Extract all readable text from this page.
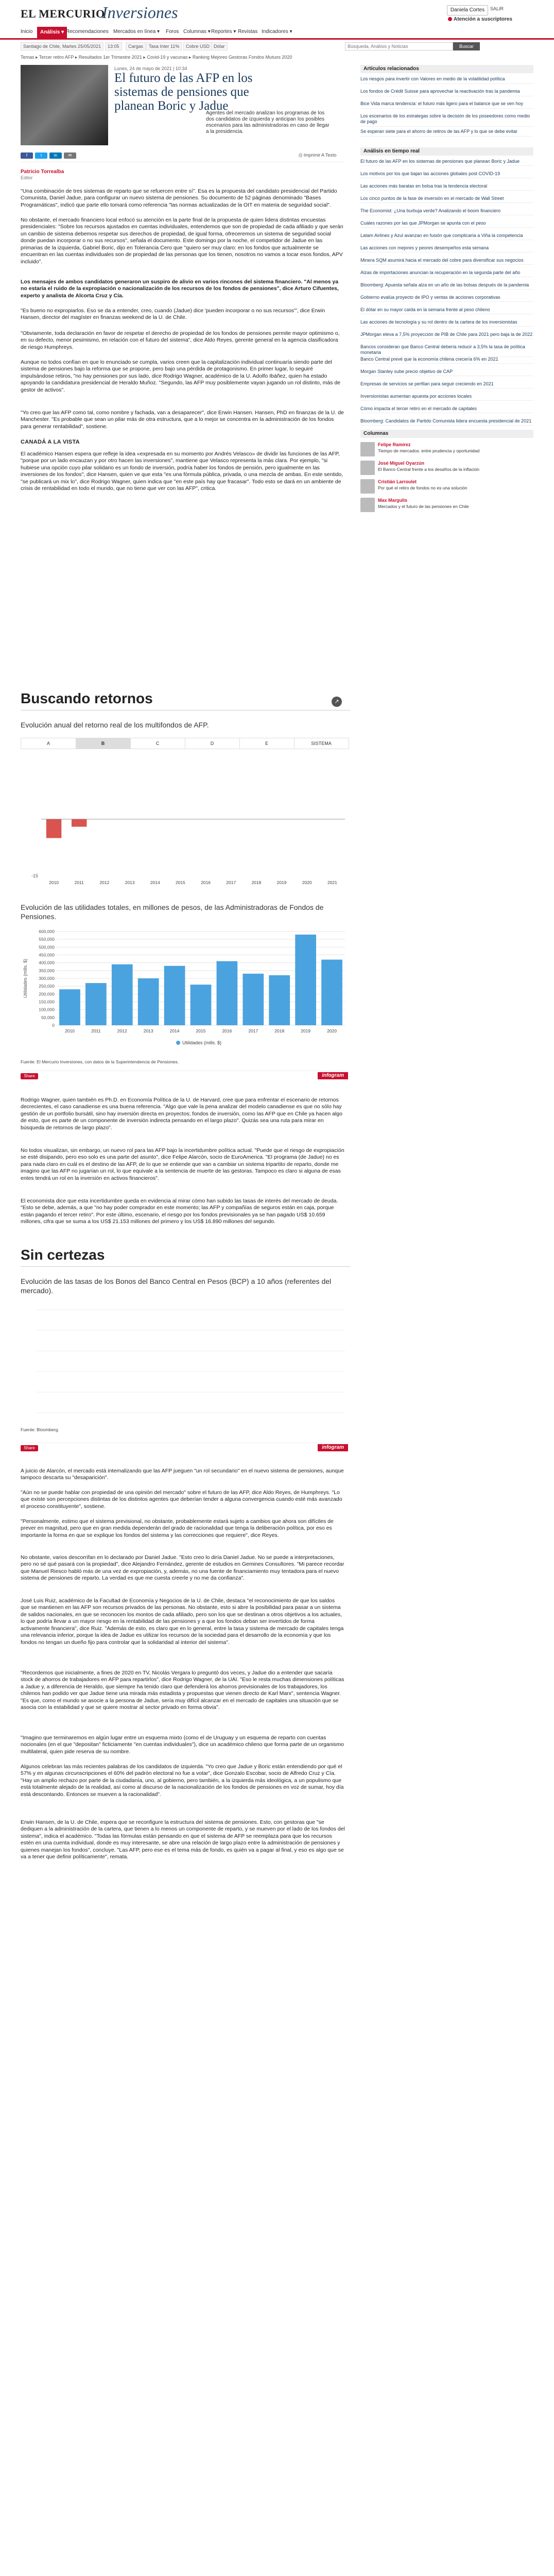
EL MERCURIO
Inversiones	Daniela Cortes	SALIR
Atención a suscriptores
Inicio	Análisis ▾ Recomendaciones Mercados en línea ▾ Foros Columnas ▾ Reportes ▾ Revistas Indicadores ▾
Santiago de Chile, Martes 25/05/2021	13:05	Cargas	Tasa Inter 11%	Cobre USD Dólar
Búsqueda, Análisis y Noticias	Buscar
Temas ▸ Tercer retiro AFP ▸ Resultados 1er Trimestre 2021 ▸ Covid-19 y vacunas ▸ Ranking Mejores Gestoras Fondos Mutuos 2020
Lunes, 24 de mayo de 2021 | 10:34
El futuro de las AFP en los sistemas de pensiones que planean Boric y Jadue
Agentes del mercado analizan los programas de los dos candidatos de izquierda y anticipan los posibles escenarios para las administradoras en caso de llegar a la presidencia.
f	t	in	✉	⎙ Imprimir A Texto
Patricio Torrealba
Editor

"Una combinación de tres sistemas de reparto que se refuercen entre sí". Esa es la propuesta del candidato presidencial del Partido Comunista, Daniel Jadue, para configurar un nuevo sistema de pensiones. Su documento de 52 páginas denominado "Bases Programáticas", indicó que parte ello tomará como referencia "las normas actualizadas de la OIT en materia de seguridad social".

No obstante, el mercado financiero local enfocó su atención en la parte final de la propuesta de quien lidera distintas encuestas presidenciales: "Sobre los recursos ajustados en cuentas individuales, entendemos que son de propiedad de cada afiliado y que serán un cambio de sistema debemos respetar sus derechos de propiedad, de igual forma, ofreceremos un sistema de seguridad social donde puedan incorporar o no sus recursos", señala el documento. Este domingo por la noche, el competidor de Jadue en las primarias de la izquierda, Gabriel Boric, dijo en Tolerancia Cero que "quiero ser muy claro: en los fondos que actualmente se encuentran en las cuentas individuales son de propiedad de las personas que los tienen, nosotros no vamos a tocar esos fondos, APV incluido".

Los mensajes de ambos candidatos generaron un suspiro de alivio en varios rincones del sistema financiero. "Al menos ya no estaría el ruido de la expropiación o nacionalización de los recursos de los fondos de pensiones", dice Arturo Cifuentes, experto y analista de Alcorta Cruz y Cía.

"Es bueno no expropiarlos. Eso se da a entender, creo, cuando (Jadue) dice 'pueden incorporar o no sus recursos'", dice Erwin Hansen, director del magíster en finanzas weekend de la U. de Chile.

"Obviamente, toda declaración en favor de respetar el derecho de propiedad de los fondos de pensiones permite mayor optimismo o, en su defecto, menor pesimismo, en relación con el futuro del sistema", dice Aldo Reyes, gerente general en la agencia clasificadora de riesgo Humphreys.

Aunque no todos confían en que lo enunciado se cumpla, varios creen que la capitalización individual continuaría siendo parte del sistema de pensiones bajo la reforma que se propone, pero bajo una pérdida de protagonismo. En primer lugar, lo seguiré impulsándose retiros, "no hay pensiones por sus lado, dice Rodrigo Wagner, académico de la U. Adolfo Ibáñez, quien ha estado apoyando la candidatura presidencial de Heraldo Muñoz. "Segundo, las AFP muy posiblemente vayan jugando un rol distinto, más de gestor de activos".

"Yo creo que las AFP como tal, como nombre y fachada, van a desaparecer", dice Erwin Hansen. Hansen, PhD en finanzas de la U. de Manchester. "Es probable que sean un pilar más de otra estructura, que a lo mejor se concentra en la administración de los fondos para generar rentabilidad", sostiene.

CANADÁ A LA VISTA

El académico Hansen espera que refleje la idea «expresada en su momento por Andrés Velasco» de dividir las funciones de las AFP, "porque por un lado encauzan y por otro hacen las inversiones", mantiene que Velasco representa la más clara. Por ejemplo, "si hubiese una opción cuyo pilar solidario es un fondo de inversión, podría haber los fondos de pensión, pero igualmente en las inversiones de los fondos", dice Hansen, quien ve que esta "es una fórmula pública, privada, o una mezcla de ambas. En este sentido, "se publicará un mix lo", dice Rodrigo Wagner, quien indica que "en este país hay que fracasar". Todo esto se dará en un ambiente de crisis de rentabilidad en todo el mundo, que no tiene que ver con las AFP", critica.

Buscando retornos	↗
Evolución anual del retorno real de los multifondos de AFP.
A	B	C	D	E	SISTEMA
-15
2010	2011	2012	2013	2014	2015	2016	2017	2018	2019	2020	2021
Evolución de las utilidades totales, en millones de pesos, de las Administradoras de Fondos de Pensiones.
0
50,000
100,000
150,000
200,000
250,000
300,000
350,000
400,000
450,000
500,000
550,000
600,000
Utilidades (mills. $)
2010	2011	2012	2013	2014	2015	2016	2017	2018	2019	2020
Utilidades (mills. $)
Fuente: El Mercurio Inversiones, con datos de la Superintendencia de Pensiones.
Share	infogram

Rodrigo Wagner, quien también es Ph.D. en Economía Política de la U. de Harvard, cree que para enfrentar el escenario de retornos decrecientes, el caso canadiense es una buena referencia. "Algo que vale la pena analizar del modelo canadiense es que no sólo hay gestión de un portfolio bursátil, sino hay inversión directa en proyectos; fondos de inversión, como las AFP que en Chile ya hacen algo de esto, que es parte de un componente de inversión indirecta pensando en el largo plazo". Quizás sea una ruta para mirar en búsqueda de retornos de largo plazo".

No todos visualizan, sin embargo, un nuevo rol para las AFP bajo la incertidumbre política actual. "Puede que el riesgo de expropiación se esté disipando, pero eso solo es una parte del asunto", dice Felipe Alarcón, socio de EuroAmerica. "El programa (de Jadue) no es para nada claro en cuál es el destino de las AFP, de lo que se entiende que van a cambiar un sistema tripartito de reparto, donde me imagino que las AFP no jugarían un rol, lo que equivale a la sentencia de muerte de las gestoras. Tampoco es claro si alguna de esas entes tendrá un rol en la inversión en activos financieros".

El economista dice que esta incertidumbre queda en evidencia al mirar cómo han subido las tasas de interés del mercado de deuda. "Esto se debe, además, a que "no hay poder comprador en este momento; las AFP y compañías de seguros están en caja, porque están pagando el tercer retiro". Por este último, escenario, el riesgo por los fondos previsionales ya se han pagado US$ 10.659 millones, cifra que se suma a los US$ 21.153 millones del primero y los US$ 16.890 millones del segundo.

Sin certezas
Evolución de las tasas de los Bonos del Banco Central en Pesos (BCP) a 10 años (referentes del mercado).
Fuente: Bloomberg.
Share	infogram

A juicio de Alarcón, el mercado está internalizando que las AFP jueguen "un rol secundario" en el nuevo sistema de pensiones, aunque tampoco descarta su "desaparición".

"Aún no se puede hablar con propiedad de una opinión del mercado" sobre el futuro de las AFP, dice Aldo Reyes, de Humphreys. "Lo que existe son percepciones distintas de los distintos agentes que deberían tender a alguna convergencia cuando esté más avanzado el proceso constituyente", sostiene.

"Personalmente, estimo que el sistema previsional, no obstante, probablemente estará sujeto a cambios que ahora son difíciles de prever en magnitud, pero que en gran medida dependerán del grado de racionalidad que tenga la deliberación política, por eso es importante la forma en que se explique los fondos del sistema y las correcciones que requiere", dice Reyes.

No obstante, varios descorrifan en lo declarado por Daniel Jadue. "Esto creo lo diría Daniel Jadue. No se puede a interpretaciones, pero no sé qué pasará con la propiedad", dice Alejandro Fernández, gerente de estudios en Gemines Consultores. "Mi parece recordar que Manuel Riesco habló más de una vez de expropiación, y, además, no una fuente de financiamiento muy tentadora para el nuevo sistema de pensiones de reparto. La verdad es que me cuesta creerle y no me da confianza".

José Luis Ruiz, académico de la Facultad de Economía y Negocios de la U. de Chile, destaca "el reconocimiento de que los saldos que se mantienen en las AFP son recursos privados de las personas. No obstante, esto si abre la posibilidad para pasar a un sistema de salidos nacionales, en que se reconocen los montos de cada afiliado, pero son los que se destinan a otros objetivos a los actuales, lo que podría llevar a un mayor riesgo en la rentabilidad de las pensiones y a que los fondos deban ser invertidos de forma activamente financiera", dice Ruiz. "Además de esto, es claro que en lo general, entre la tasa y sistema de mercado de capitales tenga una relevancia inferior, porque la idea de Jadue es utilizar los recursos de la sociedad para el desarrollo de la economía y que los fondos no tengan un dueño fijo para controlar que la solidaridad al interior del sistema".

"Recordemos que inicialmente, a fines de 2020 en TV, Nicolás Vergara lo preguntó dos veces, y Jadue dio a entender que sacaría stock de ahorros de trabajadores en AFP para repartirlos", dice Rodrigo Wagner, de la UAI. "Eso le resta muchas dimensiones políticas a Jadue y, a diferencia de Heraldo, que siempre ha tenido claro que defenderá los ahorros previsionales de los trabajadores, los chilenos han podido ver que Jadue tiene una mirada más estadista y propuestas que vienen directo de Karl Marx", sentencia Wagner. "Es que, como el mundo se asocie a la persona de Jadue, sería muy difícil alcanzar en el mercado de capitales una situación que se asocia con la estabilidad y que se quiere mostrar al sector privado en forma obvia".

"Imagino que terminaremos en algún lugar entre un esquema mixto (como el de Uruguay y un esquema de reparto con cuentas nocionales (en el que "depositan" ficticiamente "en cuentas individuales"), dice un académico chileno que forma parte de un organismo multilateral, quien pide reserva de su nombre.

Algunos celebran las más recientes palabras de los candidatos de izquierda. "Yo creo que Jadue y Boric están entendiendo por qué el 57% y en algunas circunscripciones el 60% del padrón electoral no fue a votar", dice Gonzalo Escobar, socio de Alfredo Cruz y Cía. "Hay un amplio rechazo por parte de la ciudadanía, uno, al gobierno, pero también, a la izquierda más ideológica, a un populismo que está totalmente alejado de la realidad, así como al discurso de la nacionalización de los fondos de pensiones en voz de sumar, hoy día está descontando. Entonces se mueven a la racionalidad".

Erwin Hansen, de la U. de Chile, espera que se reconfigure la estructura del sistema de pensiones. Esto, con gestoras que "se dediquen a la administración de la cartera, que tienen a lo menos un componente de reparto, y se mueven por el lado de los fondos del sistema", indica el académico. "Todas las fórmulas están pensando en que el sistema de AFP se reemplaza para que los recursos estén en una cuenta individual, donde es muy interesante, se abre una relación de largo plazo entre la administración de pensiones y quienes manejan los fondos", concluye. "Las AFP, pero ese es el tema más de fondo, es quién va a pagar al final, y eso es algo que se va a tener que definir políticamente", remata.

Artículos relacionados
Los riesgos para invertir con Valores en medio de la volatilidad política
Los fondos de Crédit Suisse para aprovechar la reactivación tras la pandemia
Bice Vida marca tendencia: el futuro más ligero para el balance que se ven hoy
Los escenarios de los estrategas sobre la decisión de los poseedores como medio de pago
Se esperan siete para el ahorro de retiros de las AFP y lo que se debe evitar
Análisis en tiempo real
El futuro de las AFP en los sistemas de pensiones que planean Boric y Jadue
Los motivos por los que bajan las acciones globales post COVID-19
Las acciones más baratas en bolsa tras la tendencia electoral
Los cinco puntos de la fase de inversión en el mercado de Wall Street
The Economist: ¿Una burbuja verde? Analizando el boom financiero
Cuáles razones por las que JPMorgan se apunta con el peso
Latam Airlines y Azul avanzan en fusión que complicaría a Viña la competencia
Las acciones con mejores y peores desempeños esta semana
Minera SQM asumirá hacia el mercado del cobre para diversificar sus negocios
Alzas de importaciones anuncian la recuperación en la segunda parte del año
Bloomberg: Apuesta señala alza en un año de las bolsas después de la pandemia
Gobierno evalúa proyecto de IPO y ventas de acciones corporativas
El dólar en su mayor caída en la semana frente al peso chileno
Las acciones de tecnología y su rol dentro de la cartera de los inversionistas
JPMorgan eleva a 7,5% proyección de PIB de Chile para 2021 pero baja la de 2022
Bancos consideran que Banco Central debería reducir a 3,5% la tasa de política monetaria
Banco Central prevé que la economía chilena crecería 6% en 2021
Morgan Stanley sube precio objetivo de CAP
Empresas de servicios se perfilan para seguir creciendo en 2021
Inversionistas aumentan apuesta por acciones locales
Cómo impacta el tercer retiro en el mercado de capitales
Bloomberg: Candidatos de Partido Comunista lidera encuesta presidencial de 2021
Columnas
Felipe Ramírez
Tiempo de mercados: entre prudencia y oportunidad
José Miguel Oyarzún
El Banco Central frente a los desafíos de la inflación
Cristián Larroulet
Por qué el retiro de fondos no es una solución
Max Margulis
Mercados y el futuro de las pensiones en Chile
